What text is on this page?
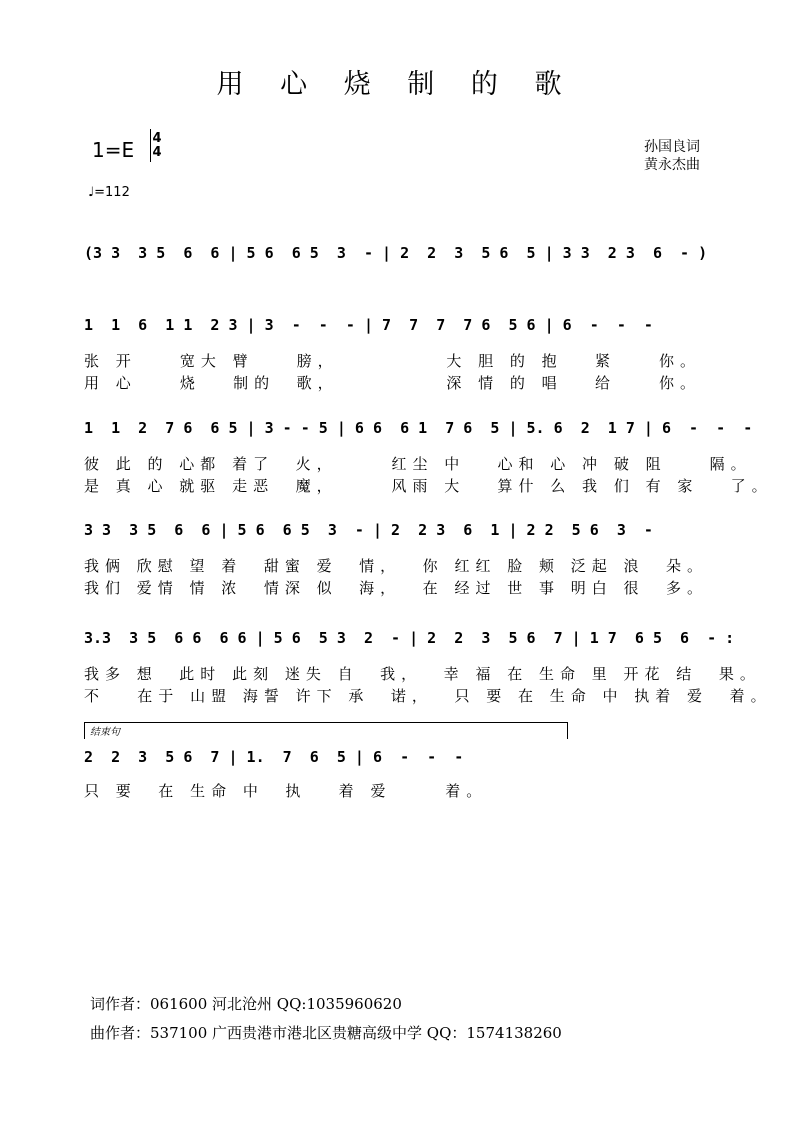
用 心 烧 制 的 歌
1=E 4
4
♩=112
孙国良词
黄永杰曲
(3 3  3 5  6  6 | 5 6  6 5  3  - | 2  2  3  5 6  5 | 3 3  2 3  6  - )
1  1  6  1 1  2 3 | 3  -  -  - | 7  7  7  7 6  5 6 | 6  -  -  -
张 开    宽大 臂    膀，          大 胆 的 抱   紧    你。
用 心    烧   制的  歌，          深 情 的 唱   给    你。
1  1  2  7 6  6 5 | 3 - - 5 | 6 6  6 1  7 6  5 | 5. 6  2  1 7 | 6  -  -  -
彼 此 的 心都 着了  火，     红尘 中   心和 心 冲 破 阻    隔。
是 真 心 就驱 走恶  魔，     风雨 大   算什 么 我 们 有 家   了。
3 3  3 5  6  6 | 5 6  6 5  3  - | 2  2 3  6  1 | 2 2  5 6  3  -
我俩 欣慰 望 着  甜蜜 爱  情，  你 红红 脸 颊 泛起 浪  朵。
我们 爱情 情 浓  情深 似  海，  在 经过 世 事 明白 很  多。
3.3  3 5  6 6  6 6 | 5 6  5 3  2  - | 2  2  3  5 6  7 | 1 7  6 5  6  - :
我多 想  此时 此刻 迷失 自  我，  幸 福 在 生命 里 开花 结  果。
不   在于 山盟 海誓 许下 承  诺，  只 要 在 生命 中 执着 爱  着。
结束句
2  2  3  5 6  7 | 1.  7  6  5 | 6  -  -  -
只 要  在 生命 中  执   着 爱     着。
词作者：061600 河北沧州 QQ:1035960620
曲作者：537100 广西贵港市港北区贵糖高级中学 QQ：1574138260
